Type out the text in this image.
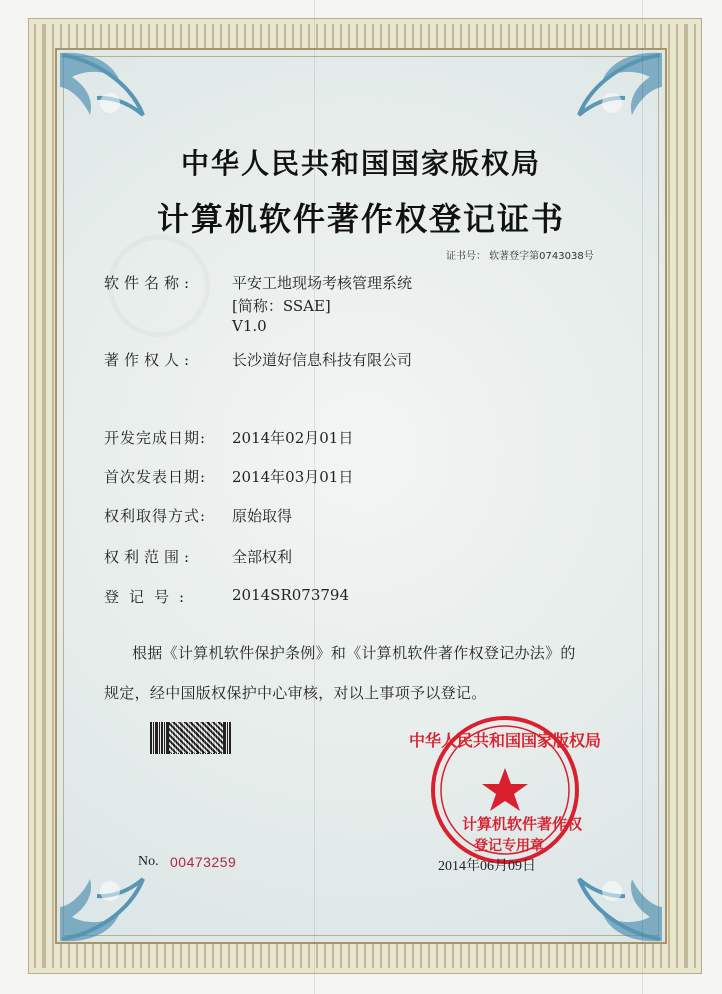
中华人民共和国国家版权局
计算机软件著作权登记证书
证书号： 软著登字第0743038号
软件名称:	平安工地现场考核管理系统
[简称：SSAE]
V1.0
著作权人:	长沙道好信息科技有限公司
开发完成日期: 2014年02月01日
首次发表日期: 2014年03月01日
权利取得方式: 原始取得
权利范围:	全部权利
登记号:	2014SR073794
根据《计算机软件保护条例》和《计算机软件著作权登记办法》的
规定，经中国版权保护中心审核，对以上事项予以登记。
中华人民共和国国家版权局
计算机软件著作权
登记专用章
No. 00473259	2014年06月09日
